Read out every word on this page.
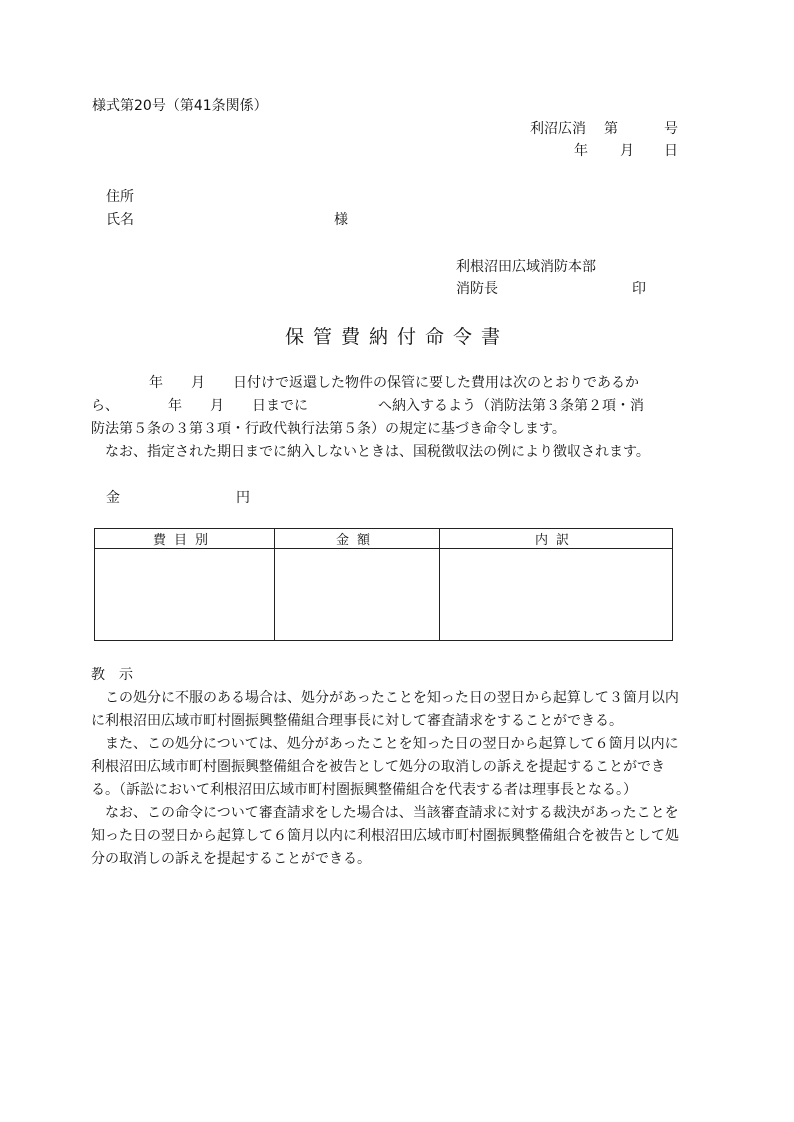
様式第20号（第41条関係）
利沼広消 第	号
年 月 日
住所
氏名	様
利根沼田広域消防本部
消防長	印
保管費納付命令書

年　　月　　日付けで返還した物件の保管に要した費用は次のとおりであるか

ら、　　　　年　　月　　日までに　　　　　へ納入するよう（消防法第３条第２項・消

防法第５条の３第３項・行政代執行法第５条）の規定に基づき命令します。

なお、指定された期日までに納入しないときは、国税徴収法の例により徴収されます。

金	円
費目別	金額	内訳

教　示

この処分に不服のある場合は、処分があったことを知った日の翌日から起算して３箇月以内に利根沼田広域市町村圏振興整備組合理事長に対して審査請求をすることができる。

また、この処分については、処分があったことを知った日の翌日から起算して６箇月以内に利根沼田広域市町村圏振興整備組合を被告として処分の取消しの訴えを提起することができる。（訴訟において利根沼田広域市町村圏振興整備組合を代表する者は理事長となる。）

なお、この命令について審査請求をした場合は、当該審査請求に対する裁決があったことを知った日の翌日から起算して６箇月以内に利根沼田広域市町村圏振興整備組合を被告として処分の取消しの訴えを提起することができる。
